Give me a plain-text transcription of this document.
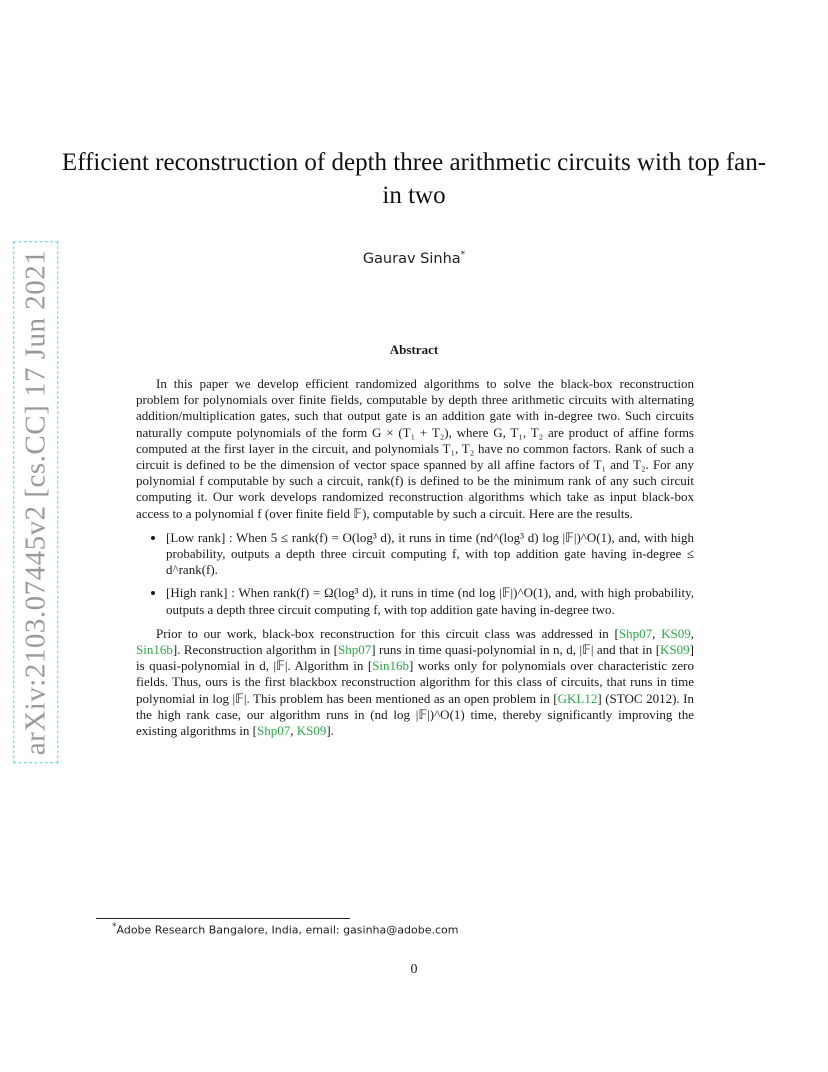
arXiv:2103.07445v2 [cs.CC] 17 Jun 2021
Efficient reconstruction of depth three arithmetic circuits with top fan-in two
Gaurav Sinha*
Abstract

In this paper we develop efficient randomized algorithms to solve the black-box reconstruction problem for polynomials over finite fields, computable by depth three arithmetic circuits with alternating addition/multiplication gates, such that output gate is an addition gate with in-degree two. Such circuits naturally compute polynomials of the form G × (T₁ + T₂), where G, T₁, T₂ are product of affine forms computed at the first layer in the circuit, and polynomials T₁, T₂ have no common factors. Rank of such a circuit is defined to be the dimension of vector space spanned by all affine factors of T₁ and T₂. For any polynomial f computable by such a circuit, rank(f) is defined to be the minimum rank of any such circuit computing it. Our work develops randomized reconstruction algorithms which take as input black-box access to a polynomial f (over finite field 𝔽), computable by such a circuit. Here are the results.

• [Low rank] : When 5 ≤ rank(f) = O(log³ d), it runs in time (nd^(log³ d) log |𝔽|)^O(1), and, with high probability, outputs a depth three circuit computing f, with top addition gate having in-degree ≤ d^rank(f).
• [High rank] : When rank(f) = Ω(log³ d), it runs in time (nd log |𝔽|)^O(1), and, with high probability, outputs a depth three circuit computing f, with top addition gate having in-degree two.

Prior to our work, black-box reconstruction for this circuit class was addressed in [Shp07, KS09, Sin16b]. Reconstruction algorithm in [Shp07] runs in time quasi-polynomial in n, d, |𝔽| and that in [KS09] is quasi-polynomial in d, |𝔽|. Algorithm in [Sin16b] works only for polynomials over characteristic zero fields. Thus, ours is the first blackbox reconstruction algorithm for this class of circuits, that runs in time polynomial in log |𝔽|. This problem has been mentioned as an open problem in [GKL12] (STOC 2012). In the high rank case, our algorithm runs in (nd log |𝔽|)^O(1) time, thereby significantly improving the existing algorithms in [Shp07, KS09].

*Adobe Research Bangalore, India, email: gasinha@adobe.com
0
